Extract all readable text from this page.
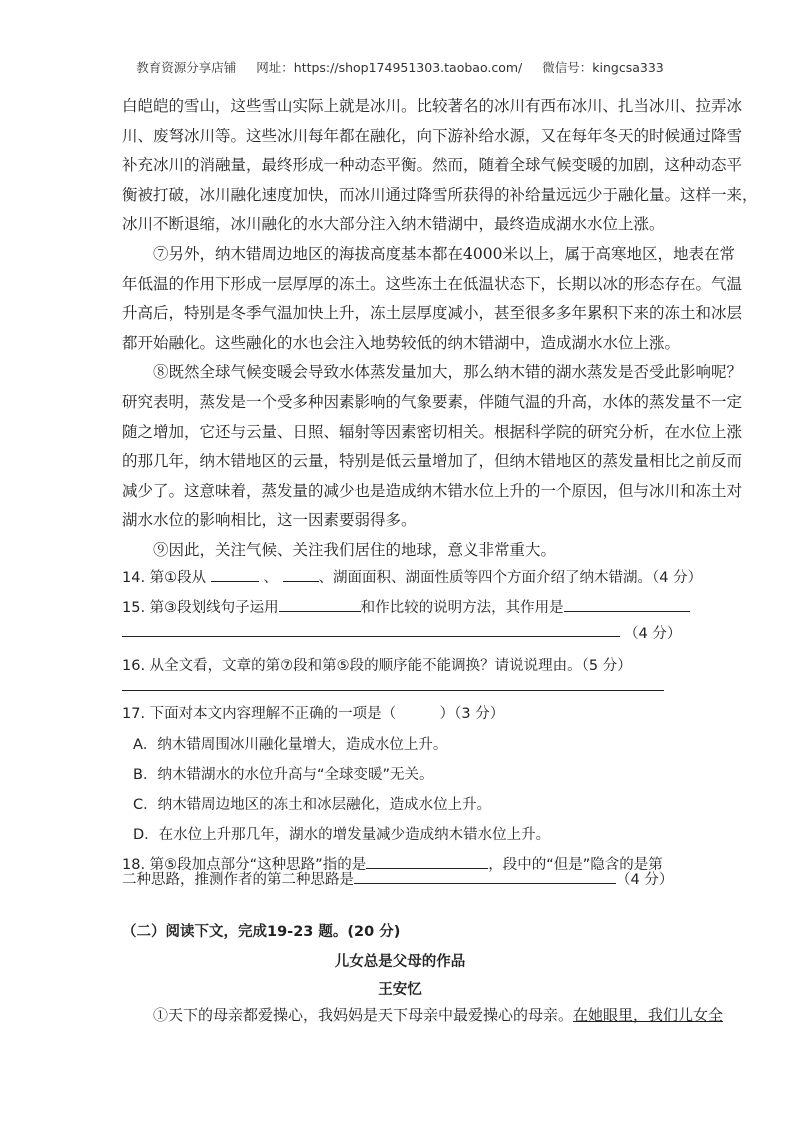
教育资源分享店铺 网址：https://shop174951303.taobao.com/ 微信号：kingcsa333
白皑皑的雪山，这些雪山实际上就是冰川。比较著名的冰川有西布冰川、扎当冰川、拉弄冰
川、废弩冰川等。这些冰川每年都在融化，向下游补给水源，又在每年冬天的时候通过降雪
补充冰川的消融量，最终形成一种动态平衡。然而，随着全球气候变暖的加剧，这种动态平
衡被打破，冰川融化速度加快，而冰川通过降雪所获得的补给量远远少于融化量。这样一来，
冰川不断退缩，冰川融化的水大部分注入纳木错湖中，最终造成湖水水位上涨。
⑦另外，纳木错周边地区的海拔高度基本都在4000米以上，属于高寒地区，地表在常
年低温的作用下形成一层厚厚的冻土。这些冻土在低温状态下，长期以冰的形态存在。气温
升高后，特别是冬季气温加快上升，冻土层厚度减小，甚至很多多年累积下来的冻土和冰层
都开始融化。这些融化的水也会注入地势较低的纳木错湖中，造成湖水水位上涨。
⑧既然全球气候变暖会导致水体蒸发量加大，那么纳木错的湖水蒸发是否受此影响呢？
研究表明，蒸发是一个受多种因素影响的气象要素，伴随气温的升高，水体的蒸发量不一定
随之增加，它还与云量、日照、辐射等因素密切相关。根据科学院的研究分析，在水位上涨
的那几年，纳木错地区的云量，特别是低云量增加了，但纳木错地区的蒸发量相比之前反而
减少了。这意味着，蒸发量的减少也是造成纳木错水位上升的一个原因，但与冰川和冻土对
湖水水位的影响相比，这一因素要弱得多。
⑨因此，关注气候、关注我们居住的地球，意义非常重大。
14. 第①段从	、	、湖面面积、湖面性质等四个方面介绍了纳木错湖。（4 分）
15. 第③段划线句子运用	和作比较的说明方法，其作用是
（4 分）
16. 从全文看，文章的第⑦段和第⑤段的顺序能不能调换？请说说理由。（5 分）
17. 下面对本文内容理解不正确的一项是（　　　）（3 分）
A．纳木错周围冰川融化量增大，造成水位上升。
B．纳木错湖水的水位升高与“全球变暖”无关。
C．纳木错周边地区的冻土和冰层融化，造成水位上升。
D．在水位上升那几年，湖水的增发量减少造成纳木错水位上升。
18. 第⑤段加点部分“这种思路”指的是	，段中的“但是”隐含的是第
二种思路，推测作者的第二种思路是	（4 分）
（二）阅读下文，完成19-23 题。(20 分)
儿女总是父母的作品
王安忆
①天下的母亲都爱操心，我妈妈是天下母亲中最爱操心的母亲。在她眼里，我们儿女全
